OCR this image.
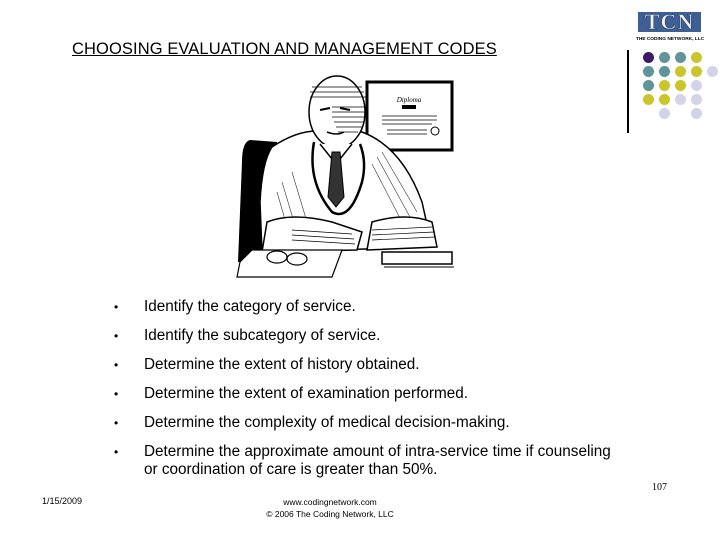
CHOOSING EVALUATION AND MANAGEMENT CODES
TCN
THE CODING NETWORK, LLC
Diploma
• Identify the category of service.
• Identify the subcategory of service.
• Determine the extent of history obtained.
• Determine the extent of examination performed.
• Determine the complexity of medical decision-making.
• Determine the approximate amount of intra-service time if counseling or coordination of care is greater than 50%.
107
1/15/2009	www.codingnetwork.com
© 2006 The Coding Network, LLC
